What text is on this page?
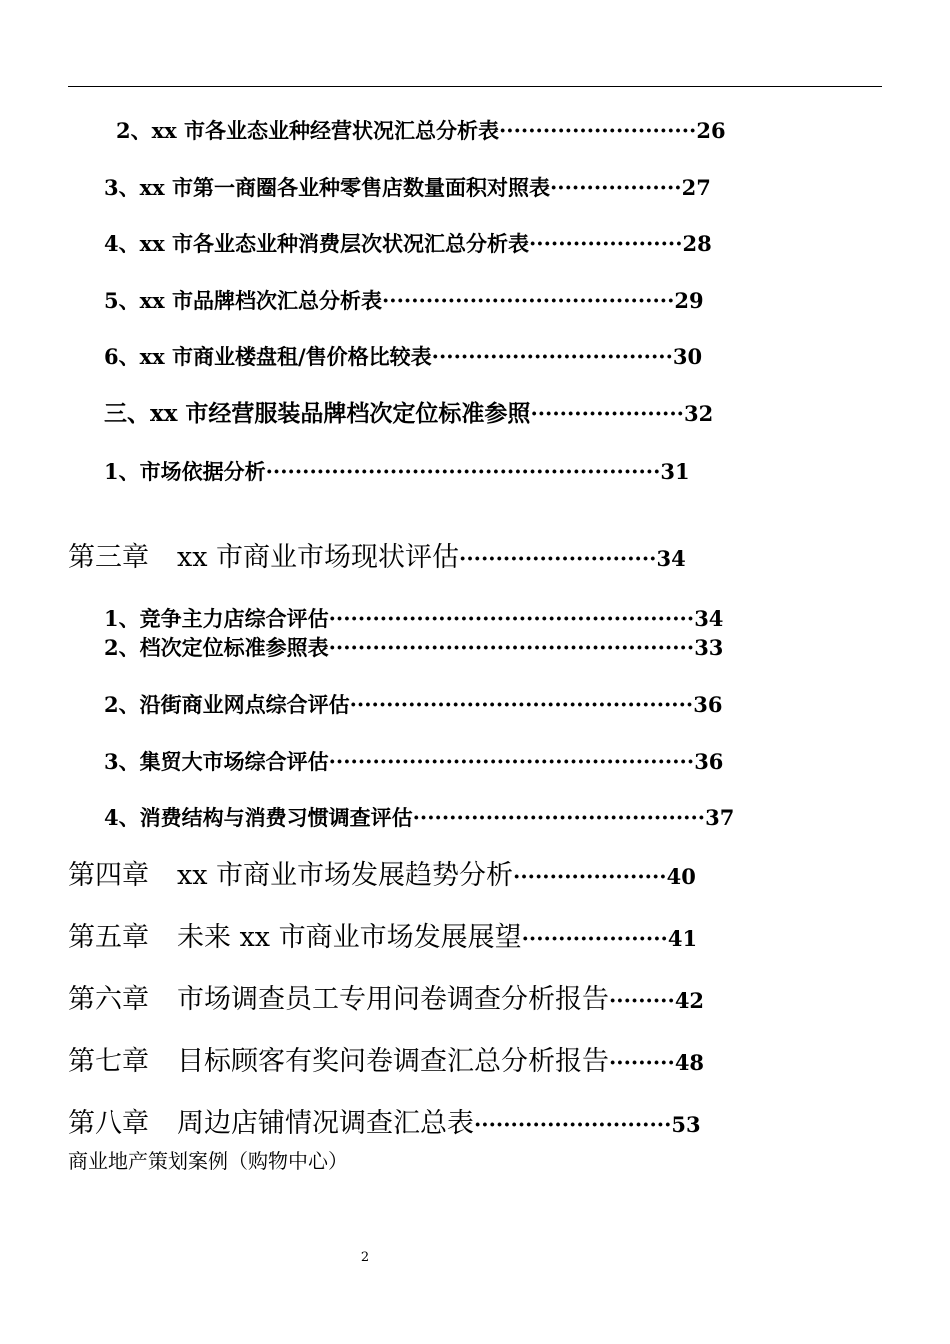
2、xx 市各业态业种经营状况汇总分析表···························26
3、xx 市第一商圈各业种零售店数量面积对照表··················27
4、xx 市各业态业种消费层次状况汇总分析表·····················28
5、xx 市品牌档次汇总分析表········································29
6、xx 市商业楼盘租/售价格比较表·································30
三、xx 市经营服装品牌档次定位标准参照·····················32
1、市场依据分析······················································31
第三章 xx 市商业市场现状评估···························34
1、竞争主力店综合评估··················································34
2、档次定位标准参照表··················································33
2、沿街商业网点综合评估···············································36
3、集贸大市场综合评估··················································36
4、消费结构与消费习惯调查评估········································37
第四章 xx 市商业市场发展趋势分析·····················40
第五章 未来 xx 市商业市场发展展望····················41
第六章 市场调查员工专用问卷调查分析报告·········42
第七章 目标顾客有奖问卷调查汇总分析报告·········48
第八章 周边店铺情况调查汇总表···························53
商业地产策划案例（购物中心）
2
